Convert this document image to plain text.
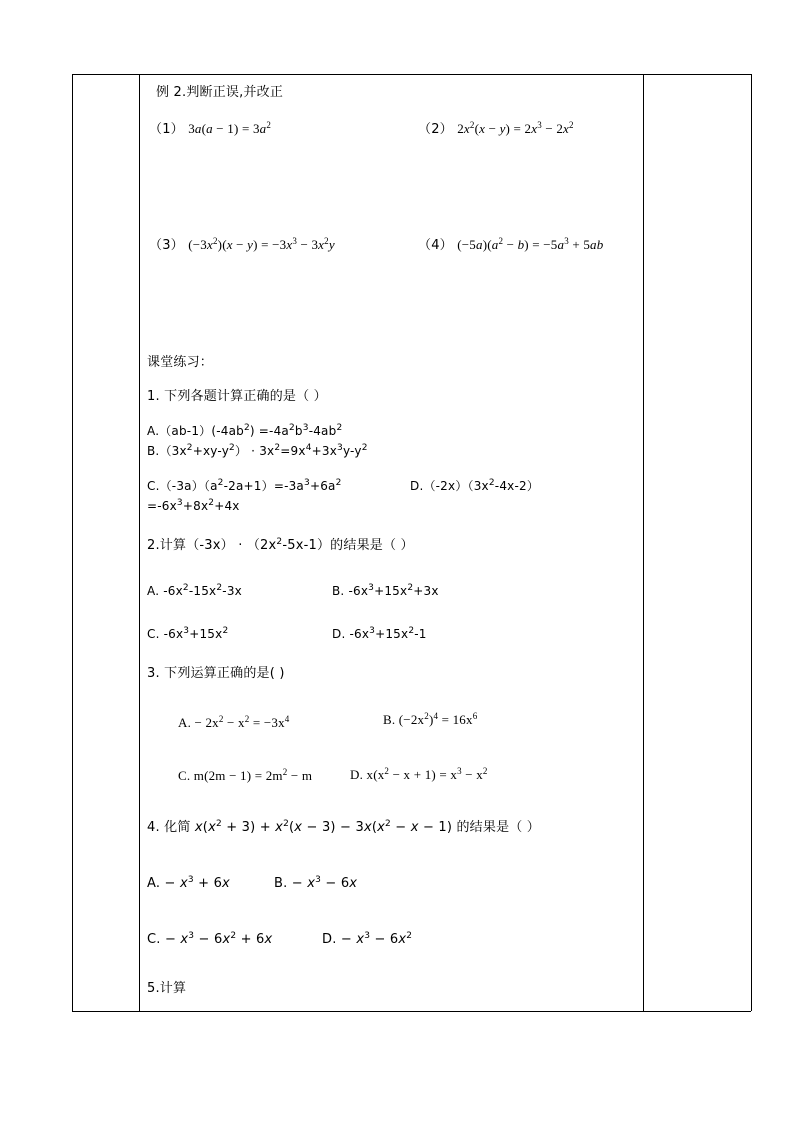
例 2.判断正误,并改正
（1） $3a(a - 1) = 3a^2$	（2） $2x^2(x - y) = 2x^3 - 2x^2$
（3） $(-3x^2)(x - y) = -3x^3 - 3x^2y$	（4） $(-5a)(a^2 - b) = -5a^3 + 5ab$
课堂练习：
1. 下列各题计算正确的是（ ）
$A.(ab-1)(-4ab^2) =-4a^2b^3-4ab^2$
$B.(3x^2+xy-y^2) \cdot 3x^2=9x^4+3x^3y-y^2$
$C.(-3a)(a^2-2a+1)=-3a^3+6a^2$	$D.(-2x)(3x^2-4x-2)$
$=-6x^3+8x^2+4x$
2.计算$(-3x) \cdot (2x^2-5x-1)$的结果是（ ）
A. $-6x^2-15x^2-3x$	B. $-6x^3+15x^2+3x$
C. $-6x^3+15x^2$	D. $-6x^3+15x^2-1$
3. 下列运算正确的是( )
A. − $2x^2 - x^2 = -3x^4$	B. $(-2x^2)^4 = 16x^6$
C. $m(2m - 1) = 2m^2 - m$	D. $x(x^2 - x + 1) = x^3 - x^2$
4. 化简 $x(x^2 + 3) + x^2(x - 3) - 3x(x^2 - x - 1)$ 的结果是（ ）
A. − $x^3 + 6x$	B. − $x^3 - 6x$
C. − $x^3 - 6x^2 + 6x$	D. − $x^3 - 6x^2$
5.计算
